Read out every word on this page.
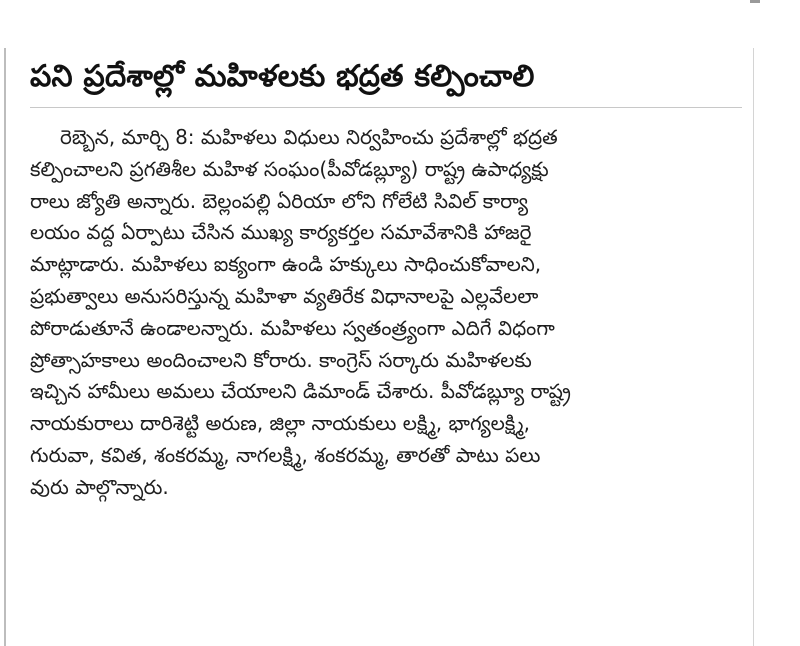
పని ప్రదేశాల్లో మహిళలకు భద్రత కల్పించాలి

రెబ్బెన, మార్చి 8: మహిళలు విధులు నిర్వహించు ప్రదేశాల్లో భద్రత
కల్పించాలని ప్రగతిశీల మహిళ సంఘం(పీవోడబ్ల్యూ) రాష్ట్ర ఉపాధ్యక్షు
రాలు జ్యోతి అన్నారు. బెల్లంపల్లి ఏరియా లోని గోలేటి సివిల్ కార్యా
లయం వద్ద ఏర్పాటు చేసిన ముఖ్య కార్యకర్తల సమావేశానికి హాజరై
మాట్లాడారు. మహిళలు ఐక్యంగా ఉండి హక్కులు సాధించుకోవాలని,
ప్రభుత్వాలు అనుసరిస్తున్న మహిళా వ్యతిరేక విధానాలపై ఎల్లవేలలా
పోరాడుతూనే ఉండాలన్నారు. మహిళలు స్వతంత్ర్యంగా ఎదిగే విధంగా
ప్రోత్సాహకాలు అందించాలని కోరారు. కాంగ్రెస్ సర్కారు మహిళలకు
ఇచ్చిన హామీలు అమలు చేయాలని డిమాండ్ చేశారు. పీవోడబ్ల్యూ రాష్ట్ర
నాయకురాలు దారిశెట్టి అరుణ, జిల్లా నాయకులు లక్ష్మి, భాగ్యలక్ష్మి,
గురువా, కవిత, శంకరమ్మ, నాగలక్ష్మి, శంకరమ్మ, తారతో పాటు పలు
వురు పాల్గొన్నారు.
